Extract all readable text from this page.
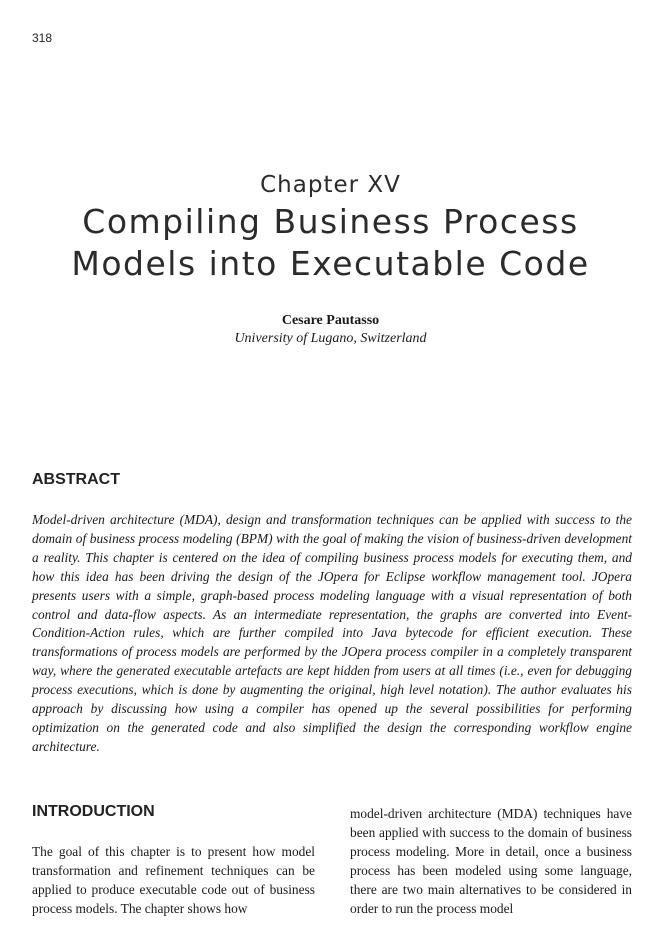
318
Chapter XV
Compiling Business Process
Models into Executable Code
Cesare Pautasso
University of Lugano, Switzerland
ABSTRACT

Model-driven architecture (MDA), design and transformation techniques can be applied with success to the domain of business process modeling (BPM) with the goal of making the vision of business-driven development a reality. This chapter is centered on the idea of compiling business process models for executing them, and how this idea has been driving the design of the JOpera for Eclipse workflow management tool. JOpera presents users with a simple, graph-based process modeling language with a visual representation of both control and data-flow aspects. As an intermediate representation, the graphs are converted into Event-Condition-Action rules, which are further compiled into Java bytecode for efficient execution. These transformations of process models are performed by the JOpera process compiler in a completely transparent way, where the generated executable artefacts are kept hidden from users at all times (i.e., even for debugging process executions, which is done by augmenting the original, high level notation). The author evaluates his approach by discussing how using a compiler has opened up the several possibilities for performing optimization on the generated code and also simplified the design the corresponding workflow engine architecture.

INTRODUCTION

The goal of this chapter is to present how model transformation and refinement techniques can be applied to produce executable code out of business process models. The chapter shows how

model-driven architecture (MDA) techniques have been applied with success to the domain of business process modeling. More in detail, once a business process has been modeled using some language, there are two main alternatives to be considered in order to run the process model
